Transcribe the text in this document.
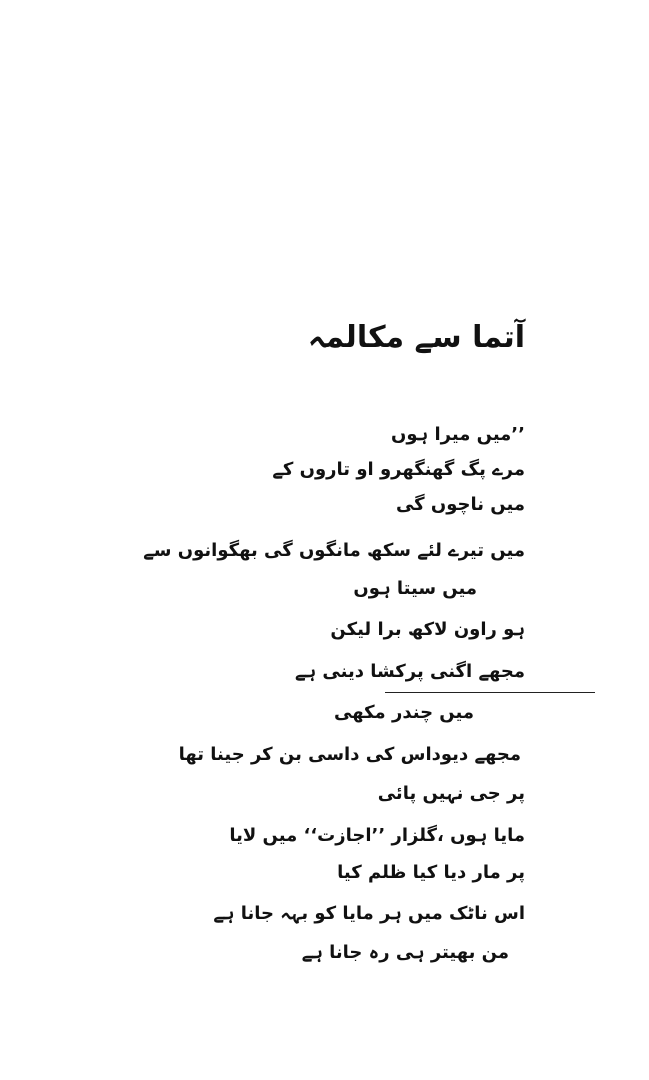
آتما سے مکالمہ
’’میں میرا ہوں
مرے پگ گھنگھرو او تاروں کے
میں ناچوں گی
میں تیرے لئے سکھ مانگوں گی بھگوانوں سے
میں سیتا ہوں
ہو راون لاکھ برا لیکن
مجھے اگنی پرکشا دینی ہے
میں چندر مکھی
مجھے دیوداس کی داسی بن کر جینا تھا
پر جی نہیں پائی
مایا ہوں ،گلزار ’’اجازت‘‘ میں لایا
پر مار دیا کیا ظلم کیا
اس ناٹک میں ہر مایا کو بہہ جانا ہے
من بھیتر ہی رہ جانا ہے
